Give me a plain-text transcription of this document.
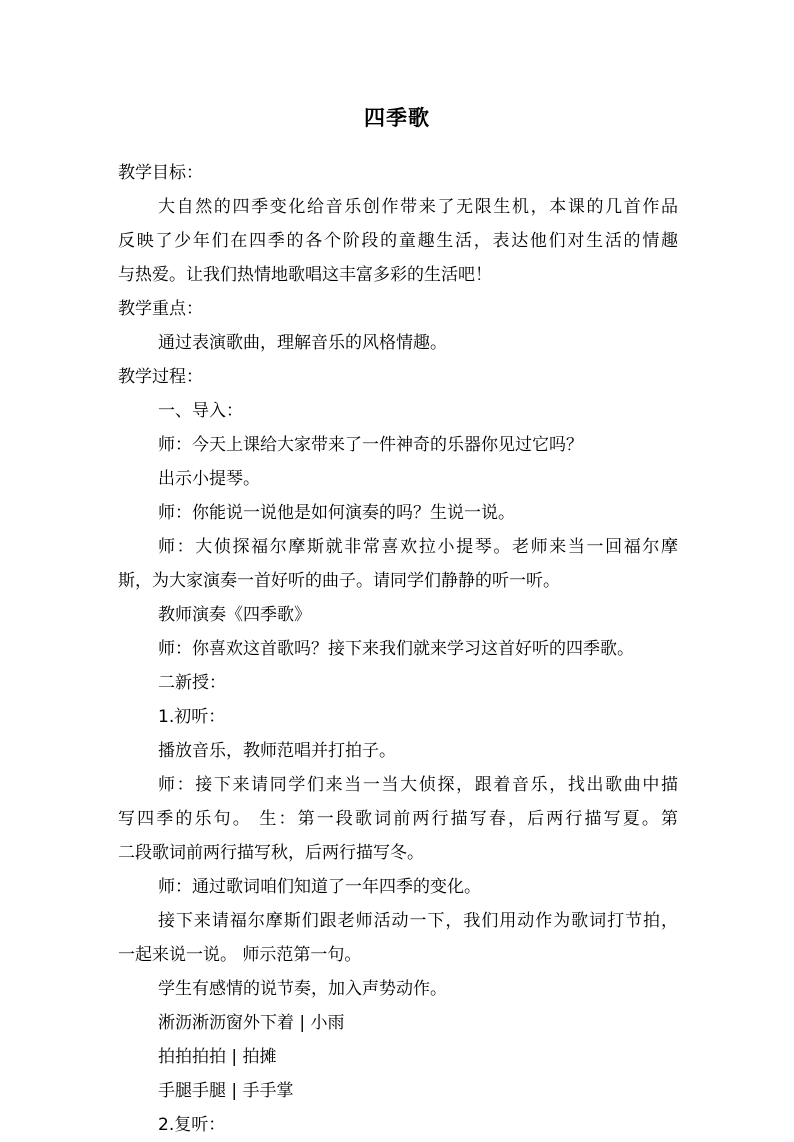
四季歌
教学目标：
大自然的四季变化给音乐创作带来了无限生机，本课的几首作品
反映了少年们在四季的各个阶段的童趣生活，表达他们对生活的情趣
与热爱。让我们热情地歌唱这丰富多彩的生活吧！
教学重点：
通过表演歌曲，理解音乐的风格情趣。
教学过程：
一、导入：
师：今天上课给大家带来了一件神奇的乐器你见过它吗？
出示小提琴。
师：你能说一说他是如何演奏的吗？生说一说。
师：大侦探福尔摩斯就非常喜欢拉小提琴。老师来当一回福尔摩
斯，为大家演奏一首好听的曲子。请同学们静静的听一听。
教师演奏《四季歌》
师：你喜欢这首歌吗？接下来我们就来学习这首好听的四季歌。
二新授：
1.初听：
播放音乐，教师范唱并打拍子。
师：接下来请同学们来当一当大侦探，跟着音乐，找出歌曲中描
写四季的乐句。 生：第一段歌词前两行描写春，后两行描写夏。第
二段歌词前两行描写秋，后两行描写冬。
师：通过歌词咱们知道了一年四季的变化。
接下来请福尔摩斯们跟老师活动一下，我们用动作为歌词打节拍，
一起来说一说。 师示范第一句。
学生有感情的说节奏，加入声势动作。
淅沥淅沥窗外下着 | 小雨
拍拍拍拍 | 拍摊
手腿手腿 | 手手掌
2.复听：
